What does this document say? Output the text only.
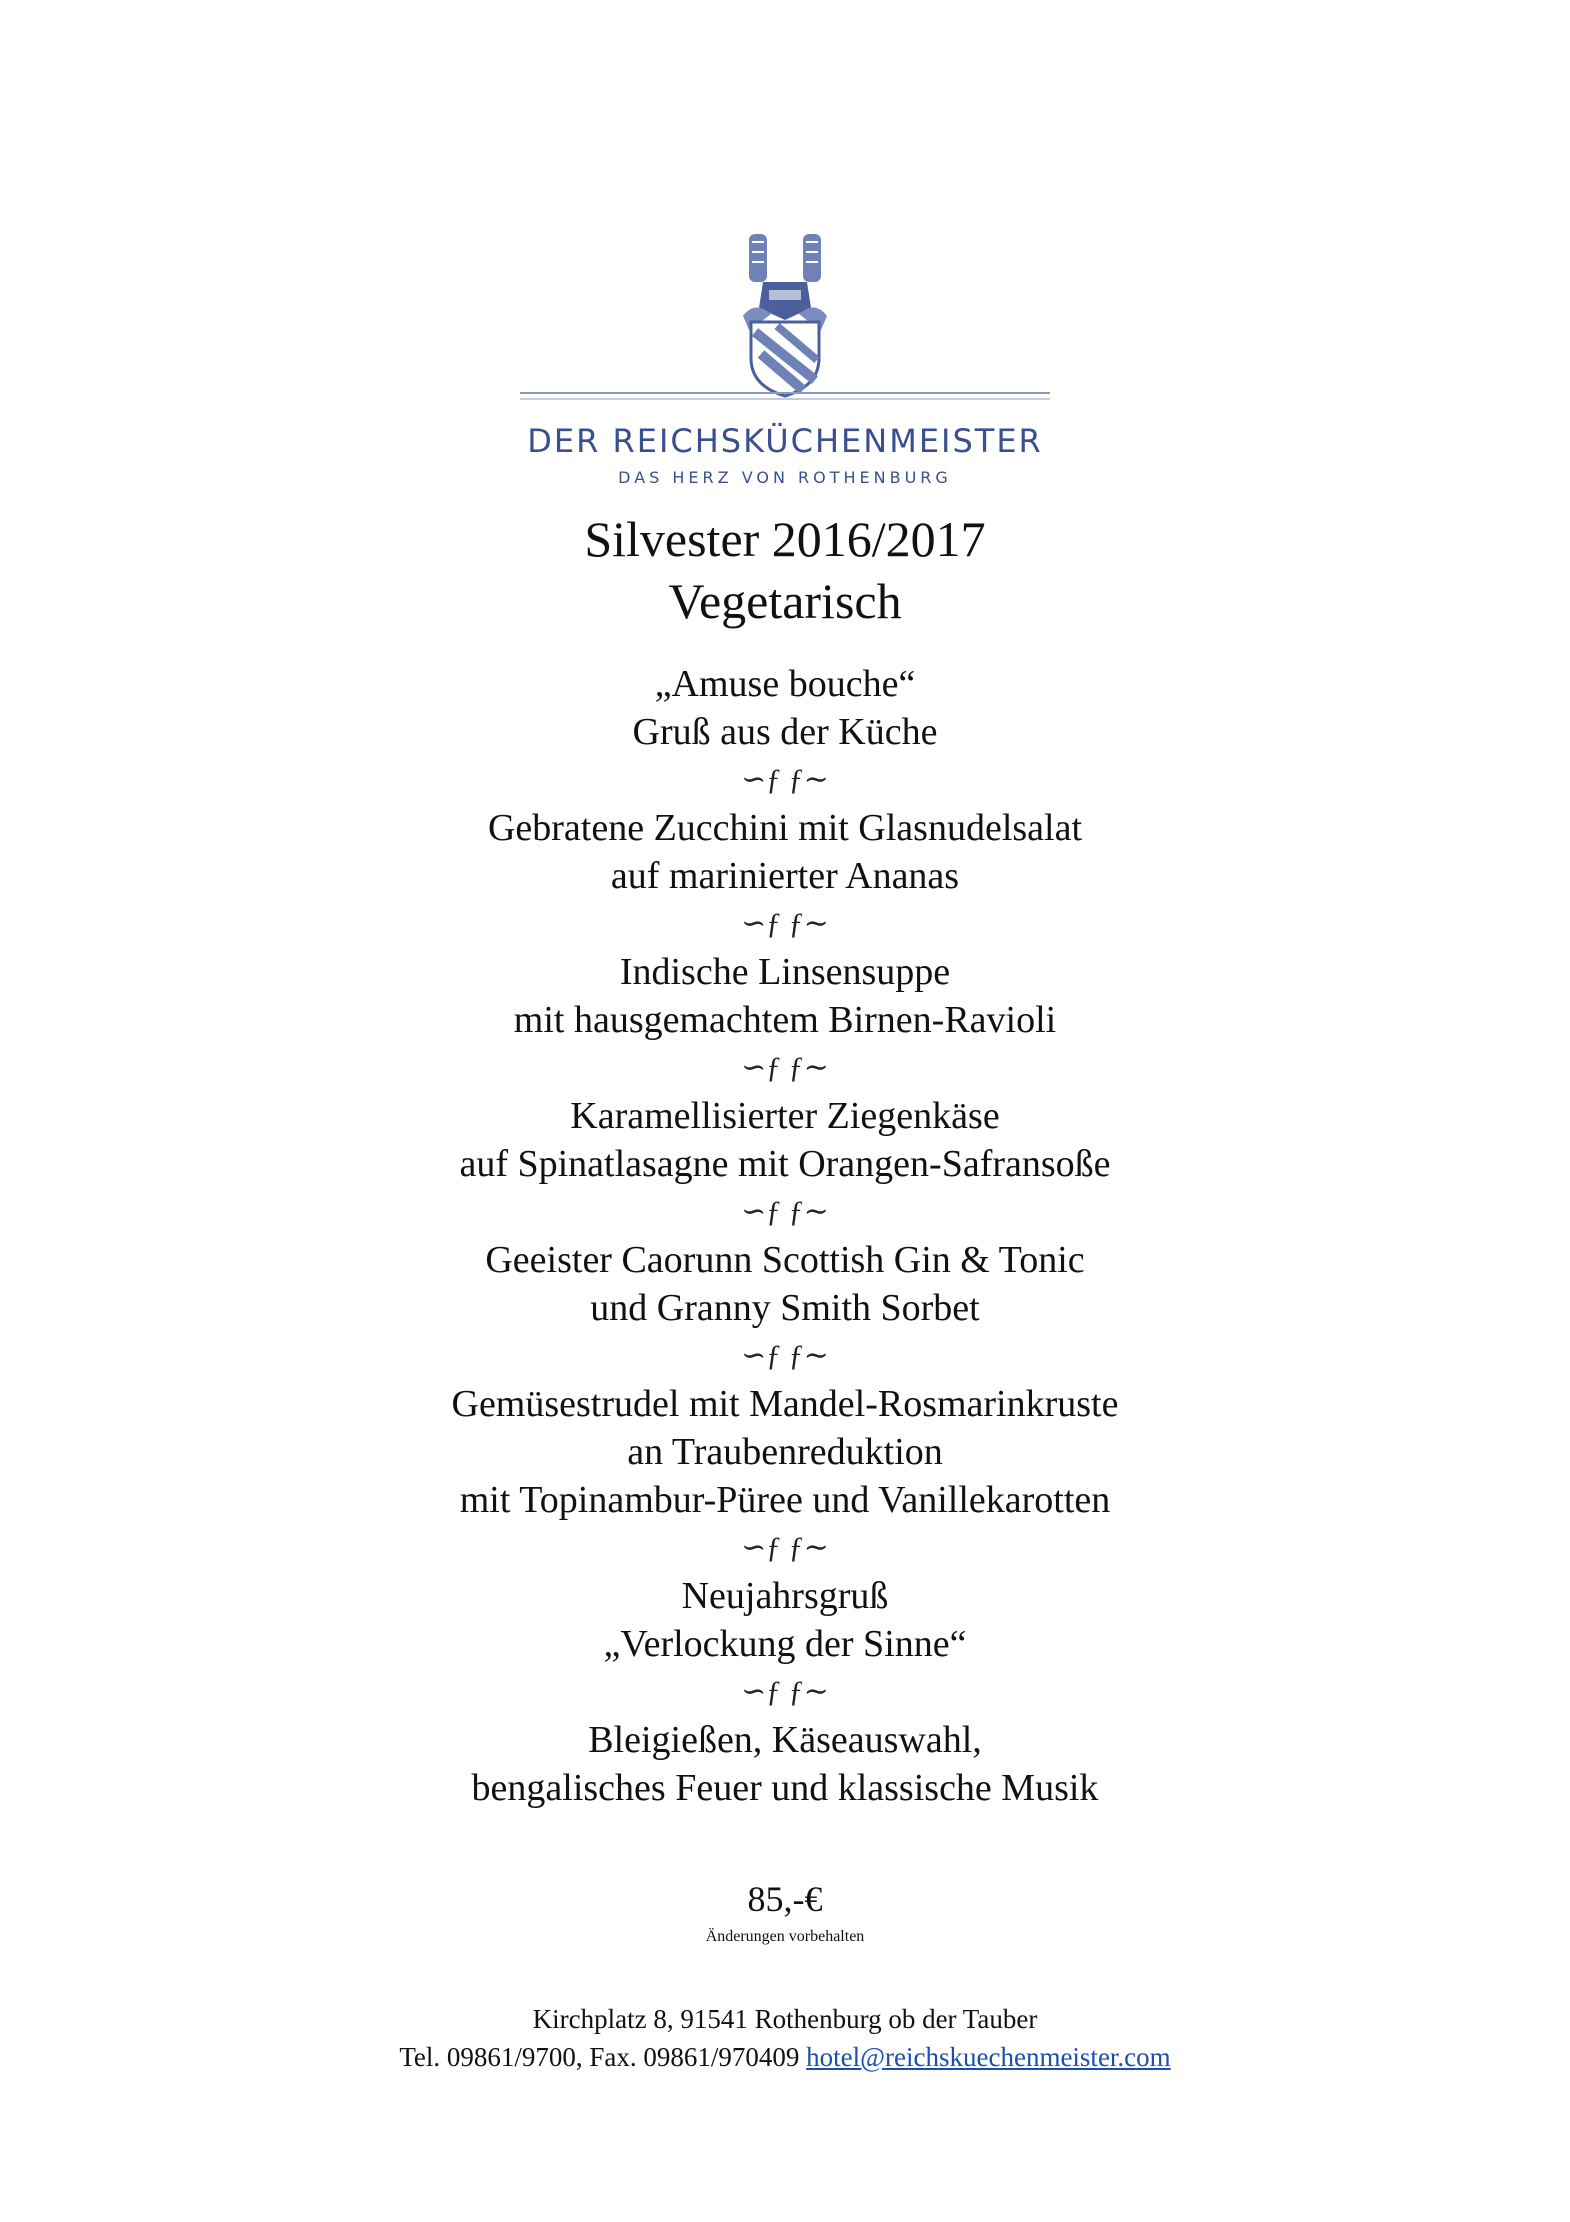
DER REICHSKÜCHENMEISTER
DAS HERZ VON ROTHENBURG
Silvester 2016/2017
Vegetarisch
„Amuse bouche“
Gruß aus der Küche
∽ƒ ƒ∼
Gebratene Zucchini mit Glasnudelsalat
auf marinierter Ananas
∽ƒ ƒ∼
Indische Linsensuppe
mit hausgemachtem Birnen-Ravioli
∽ƒ ƒ∼
Karamellisierter Ziegenkäse
auf Spinatlasagne mit Orangen-Safransoße
∽ƒ ƒ∼
Geeister Caorunn Scottish Gin & Tonic
und Granny Smith Sorbet
∽ƒ ƒ∼
Gemüsestrudel mit Mandel-Rosmarinkruste
an Traubenreduktion
mit Topinambur-Püree und Vanillekarotten
∽ƒ ƒ∼
Neujahrsgruß
„Verlockung der Sinne“
∽ƒ ƒ∼
Bleigießen, Käseauswahl,
bengalisches Feuer und klassische Musik
85,-€
Änderungen vorbehalten
Kirchplatz 8, 91541 Rothenburg ob der Tauber
Tel. 09861/9700, Fax. 09861/970409 hotel@reichskuechenmeister.com
